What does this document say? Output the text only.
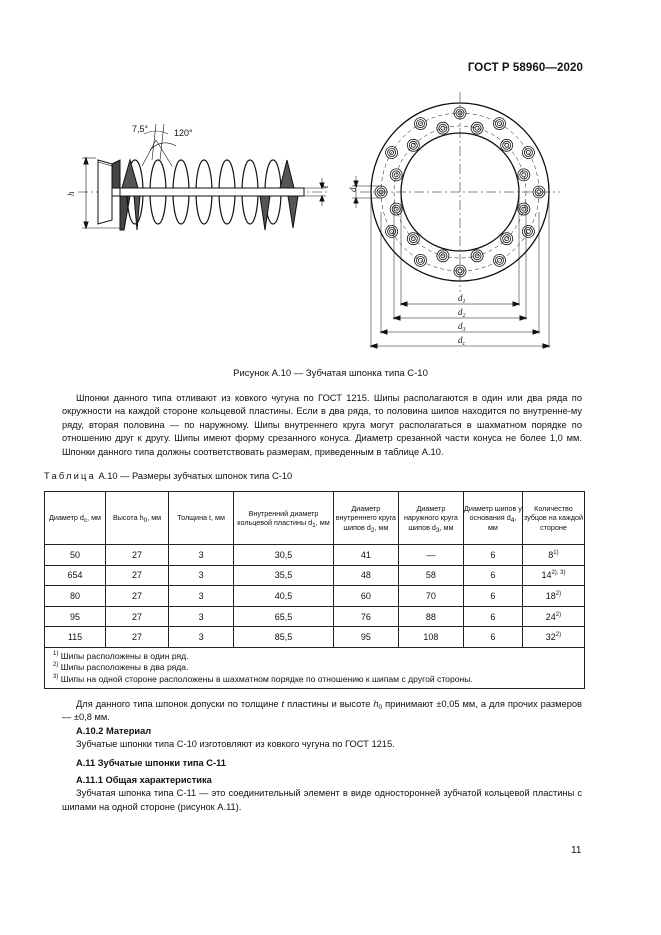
ГОСТ Р 58960—2020
7,5°	120°
h
t
$d_4$
$d_1$
$d_2$
$d_3$
$d_c$
Рисунок А.10 — Зубчатая шпонка типа С-10

Шпонки данного типа отливают из ковкого чугуна по ГОСТ 1215. Шипы располагаются в один или два ряда по окружности на каждой стороне кольцевой пластины. Если в два ряда, то половина шипов находится по внутренне-му ряду, вторая половина — по наружному. Шипы внутреннего круга могут располагаться в шахматном порядке по отношению друг к другу. Шипы имеют форму срезанного конуса. Диаметр срезанной части конуса не более 1,0 мм. Шпонки данного типа должны соответствовать размерам, приведенным в таблице А.10.

Таблица А.10 — Размеры зубчатых шпонок типа С-10
Диаметр $d_c$, мм	Высота $h_0$, мм	Толщина t, мм	Внутренний диаметр кольцевой пластины $d_1$, мм	Диаметр внутреннего круга шипов $d_2$, мм	Диаметр наружного круга шипов $d_3$, мм	Диаметр шипов у основания $d_4$, мм	Количество зубцов на каждой стороне
50	27	3	30,5	41	—	6	8$^{1)}$
654	27	3	35,5	48	58	6	$14^{2), 3)}$
80	27	3	40,5	60	70	6	18$^{2)}$
95	27	3	65,5	76	88	6	24$^{2)}$
115	27	3	85,5	95	108	6	32$^{2)}$

$^{1)}$ Шипы расположены в один ряд.
$^{2)}$ Шипы расположены в два ряда.
$^{3)}$ Шипы на одной стороне расположены в шахматном порядке по отношению к шипам с другой стороны.							

Для данного типа шпонок допуски по толщине t пластины и высоте $h_0$ принимают ±0,05 мм, а для прочих размеров — ±0,8 мм.

А.10.2 Материал

Зубчатые шпонки типа С-10 изготовляют из ковкого чугуна по ГОСТ 1215.

А.11 Зубчатые шпонки типа С-11
А.11.1 Общая характеристика

Зубчатая шпонка типа С-11 — это соединительный элемент в виде односторонней зубчатой кольцевой пластины с шипами на одной стороне (рисунок А.11).

11
